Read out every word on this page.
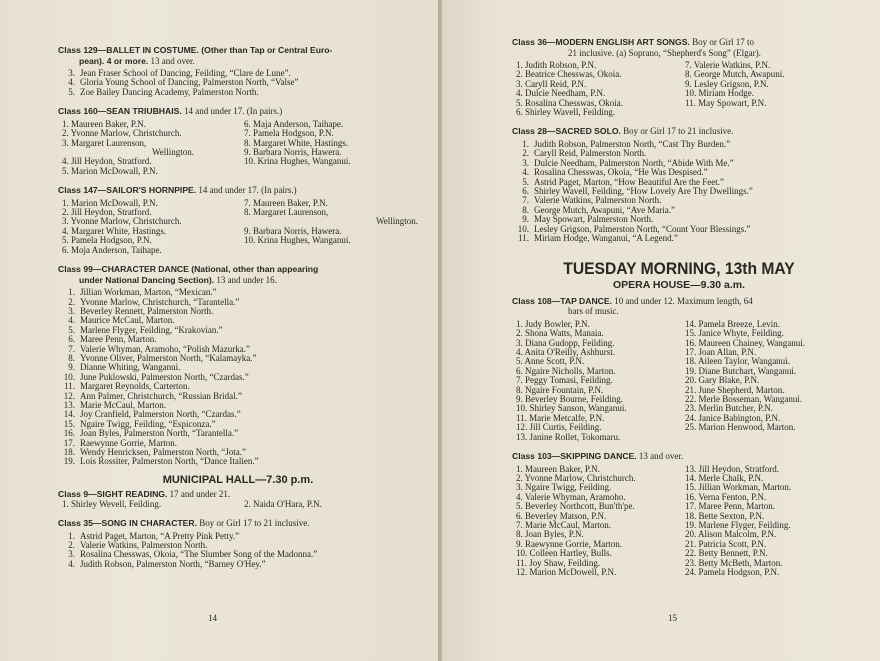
Class 129—BALLET IN COSTUME. (Other than Tap or Central Euro-
pean). 4 or more. 13 and over.
3. Jean Fraser School of Dancing, Feilding, “Clare de Lune”.
4. Gloria Young School of Dancing, Palmerston North, “Valse”
5. Zoe Bailey Dancing Academy, Palmerston North.
Class 160—SEAN TRIUBHAIS. 14 and under 17. (In pairs.)
1. Maureen Baker, P.N.
2. Yvonne Marlow, Christchurch.
3. Margaret Laurenson,
Wellington.
4. Jill Heydon, Stratford.
5. Marion McDowall, P.N.
6. Maja Anderson, Taihape.
7. Pamela Hodgson, P.N.
8. Margaret White, Hastings.
9. Barbara Norris, Hawera.
10. Krina Hughes, Wanganui.
Class 147—SAILOR'S HORNPIPE. 14 and under 17. (In pairs.)
1. Marion McDowall, P.N.
2. Jill Heydon, Stratford.
3. Yvonne Marlow, Christchurch.
4. Margaret White, Hastings.
5. Pamela Hodgson, P.N.
6. Moja Anderson, Taihape.
7. Maureen Baker, P.N.
8. Margaret Laurenson,
Wellington.
9. Barbara Norris, Hawera.
10. Krina Hughes, Wanganui.
Class 99—CHARACTER DANCE (National, other than appearing
under National Dancing Section). 13 and under 16.
1. Jillian Workman, Marton, “Mexican.”
2. Yvonne Marlow, Christchurch, “Tarantella.”
3. Beverley Rennett, Palmerston North.
4. Maurice McCaul, Marton.
5. Marlene Flyger, Feilding, “Krakovian.”
6. Maree Penn, Marton.
7. Valerie Whyman, Aramoho, “Polish Mazurka.”
8. Yvonne Oliver, Palmerston North, “Kalamayka.”
9. Dianne Whiting, Wanganui.
10. June Puklowski, Palmerston North, “Czardas.”
11. Margaret Reynolds, Carterton.
12. Ann Palmer, Christchurch, “Russian Bridal.”
13. Marie McCaul, Marton.
14. Joy Cranfield, Palmerston North, “Czardas.”
15. Ngaire Twigg, Feilding, “Espiconza.”
16. Joan Byles, Palmerston North, “Tarantella.”
17. Raewynne Gorrie, Marton.
18. Wendy Henricksen, Palmerston North, “Jota.”
19. Lois Rossiter, Palmerston North, “Dance Italien.”
MUNICIPAL HALL—7.30 p.m.
Class 9—SIGHT READING. 17 and under 21.
1. Shirley Wevell, Feilding.	2. Naida O'Hara, P.N.
Class 35—SONG IN CHARACTER. Boy or Girl 17 to 21 inclusive.
1. Astrid Paget, Marton, “A Pretty Pink Petty.”
2. Valerie Watkins, Palmerston North.
3. Rosalina Chesswas, Okoia, “The Slumber Song of the Madonna.”
4. Judith Robson, Palmerston North, “Barney O'Hey.”
14
Class 36—MODERN ENGLISH ART SONGS. Boy or Girl 17 to
21 inclusive. (a) Soprano, “Shepherd's Song” (Elgar).
1. Judith Robson, P.N.
2. Beatrice Chesswas, Okoia.
3. Caryll Reid, P.N.
4. Dulcie Needham, P.N.
5. Rosalina Chesswas, Okoia.
6. Shirley Wavell, Feilding.
7. Valerie Watkins, P.N.
8. George Mutch, Awapuni.
9. Lesley Grigson, P.N.
10. Miriam Hodge.
11. May Spowart, P.N.
Class 28—SACRED SOLO. Boy or Girl 17 to 21 inclusive.
1. Judith Robson, Palmerston North, “Cast Thy Burden.”
2. Caryll Reid, Palmerston North.
3. Dulcie Needham, Palmerston North, “Abide With Me.”
4. Rosalina Chesswas, Okoia, “He Was Despised.”
5. Astrid Paget, Marton, “How Beautiful Are the Feet.”
6. Shirley Wavell, Feilding, “How Lovely Are Thy Dwellings.”
7. Valerie Watkins, Palmerston North.
8. George Mutch, Awapuni, “Ave Maria.”
9. May Spowart, Palmerston North.
10. Lesley Grigson, Palmerston North, “Count Your Blessings.”
11. Miriam Hodge, Wanganui, “A Legend.”
TUESDAY MORNING, 13th MAY
OPERA HOUSE—9.30 a.m.
Class 108—TAP DANCE. 10 and under 12. Maximum length, 64
bars of music.
1. Judy Bowler, P.N.
2. Shona Watts, Manaia.
3. Diana Gudopp, Feilding.
4. Anita O'Reilly, Ashhurst.
5. Anne Scott, P.N.
6. Ngaire Nicholls, Marton.
7. Peggy Tomasi, Feilding.
8. Ngaire Fountain, P.N.
9. Beverley Bourne, Feilding.
10. Shirley Sanson, Wanganui.
11. Marie Metcalfe, P.N.
12. Jill Curtis, Feilding.
13. Janine Rollet, Tokomaru.
14. Pamela Breeze, Levin.
15. Janice Whyte, Feilding.
16. Maureen Chainey, Wanganui.
17. Joan Allan, P.N.
18. Aileen Taylor, Wanganui.
19. Diane Butchart, Wanganui.
20. Gary Blake, P.N.
21. June Shepherd, Marton.
22. Merle Bosseman, Wanganui.
23. Merlin Butcher, P.N.
24. Janice Babington, P.N.
25. Marion Henwood, Marton.
Class 103—SKIPPING DANCE. 13 and over.
1. Maureen Baker, P.N.
2. Yvonne Marlow, Christchurch.
3. Ngaire Twigg, Feilding.
4. Valerie Whyman, Aramoho.
5. Beverley Northcott, Bun'th'pe.
6. Beverley Matson, P.N.
7. Marie McCaul, Marton.
8. Joan Byles, P.N.
9. Raewynne Gorrie, Marton.
10. Colleen Hartley, Bulls.
11. Joy Shaw, Feilding.
12. Marion McDowell, P.N.
13. Jill Heydon, Stratford.
14. Merle Chalk, P.N.
15. Jillian Workman, Marton.
16. Verna Fenton, P.N.
17. Maree Penn, Marton.
18. Bette Sexton, P.N.
19. Marlene Flyger, Feilding.
20. Alison Malcolm, P.N.
21. Patricia Scott, P.N.
22. Betty Bennett, P.N.
23. Betty McBeth, Marton.
24. Pamela Hodgson, P.N.
15
